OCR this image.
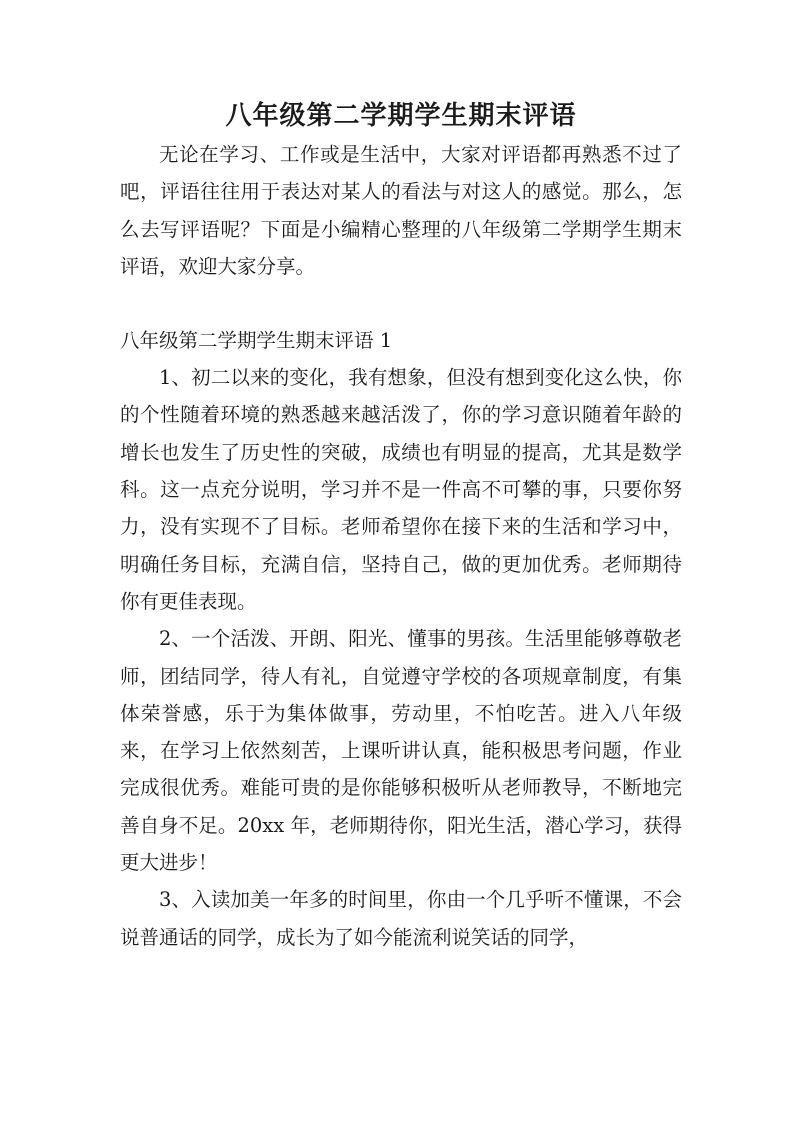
八年级第二学期学生期末评语

无论在学习、工作或是生活中，大家对评语都再熟悉不过了吧，评语往往用于表达对某人的看法与对这人的感觉。那么，怎么去写评语呢？下面是小编精心整理的八年级第二学期学生期末评语，欢迎大家分享。

八年级第二学期学生期末评语 1

1、初二以来的变化，我有想象，但没有想到变化这么快，你的个性随着环境的熟悉越来越活泼了，你的学习意识随着年龄的增长也发生了历史性的突破，成绩也有明显的提高，尤其是数学科。这一点充分说明，学习并不是一件高不可攀的事，只要你努力，没有实现不了目标。老师希望你在接下来的生活和学习中，明确任务目标，充满自信，坚持自己，做的更加优秀。老师期待你有更佳表现。

2、一个活泼、开朗、阳光、懂事的男孩。生活里能够尊敬老师，团结同学，待人有礼，自觉遵守学校的各项规章制度，有集体荣誉感，乐于为集体做事，劳动里，不怕吃苦。进入八年级来，在学习上依然刻苦，上课听讲认真，能积极思考问题，作业完成很优秀。难能可贵的是你能够积极听从老师教导，不断地完善自身不足。20xx 年，老师期待你，阳光生活，潜心学习，获得更大进步！

3、入读加美一年多的时间里，你由一个几乎听不懂课，不会说普通话的同学，成长为了如今能流利说笑话的同学，
